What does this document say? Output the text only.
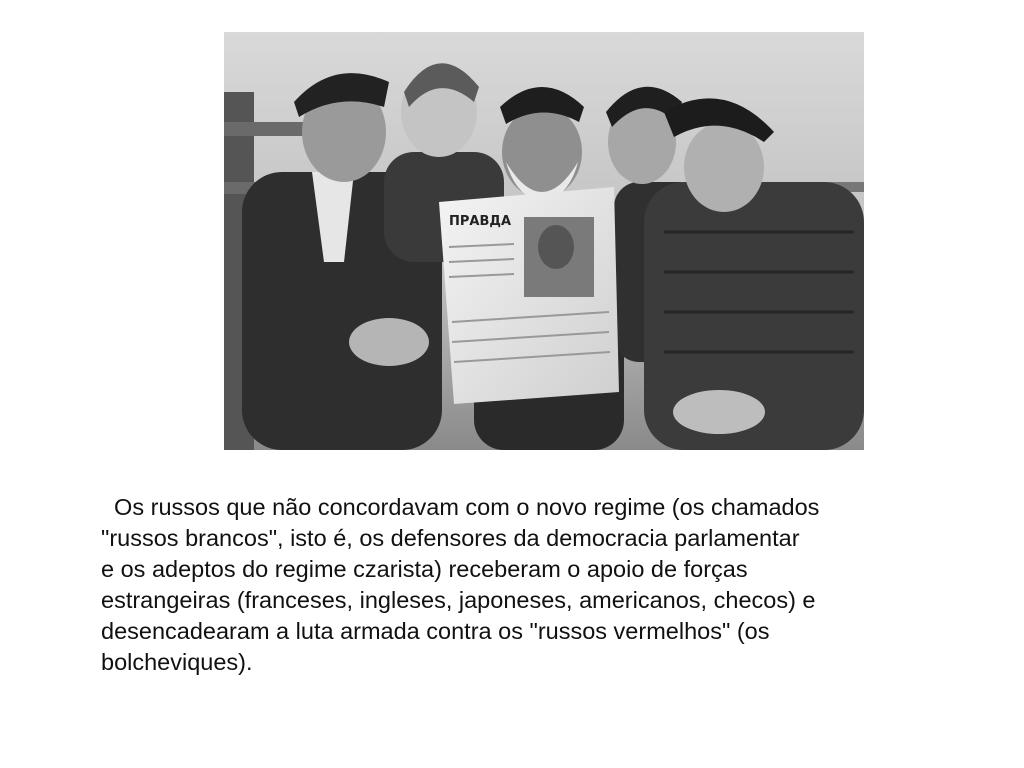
ПРАВДА

Os russos que não concordavam com o novo regime (os chamados
"russos brancos", isto é, os defensores da democracia parlamentar
e os adeptos do regime czarista) receberam o apoio de forças
estrangeiras (franceses, ingleses, japoneses, americanos, checos) e
desencadearam a luta armada contra os "russos vermelhos" (os
bolcheviques).
